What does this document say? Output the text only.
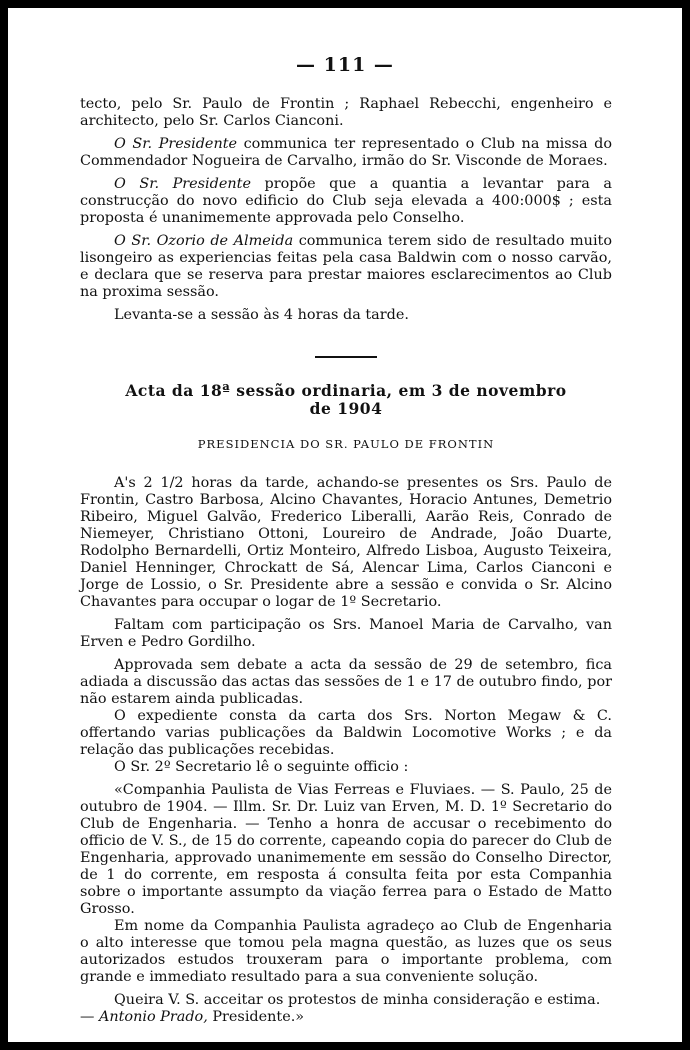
— 111 —

tecto, pelo Sr. Paulo de Frontin ; Raphael Rebecchi, engenheiro e architecto, pelo Sr. Carlos Cianconi.

O Sr. Presidente communica ter representado o Club na missa do Commendador Nogueira de Carvalho, irmão do Sr. Visconde de Moraes.

O Sr. Presidente propõe que a quantia a levantar para a construcção do novo edificio do Club seja elevada a 400:000$ ; esta proposta é unanimemente approvada pelo Conselho.

O Sr. Ozorio de Almeida communica terem sido de resultado muito lisongeiro as experiencias feitas pela casa Baldwin com o nosso carvão, e declara que se reserva para prestar maiores esclarecimentos ao Club na proxima sessão.

Levanta-se a sessão às 4 horas da tarde.

Acta da 18ª sessão ordinaria, em 3 de novembro
de 1904
PRESIDENCIA DO SR. PAULO DE FRONTIN

A's 2 1/2 horas da tarde, achando-se presentes os Srs. Paulo de Frontin, Castro Barbosa, Alcino Chavantes, Horacio Antunes, Demetrio Ribeiro, Miguel Galvão, Frederico Liberalli, Aarão Reis, Conrado de Niemeyer, Christiano Ottoni, Loureiro de Andrade, João Duarte, Rodolpho Bernardelli, Ortiz Monteiro, Alfredo Lisboa, Augusto Teixeira, Daniel Henninger, Chrockatt de Sá, Alencar Lima, Carlos Cianconi e Jorge de Lossio, o Sr. Presidente abre a sessão e convida o Sr. Alcino Chavantes para occupar o logar de 1º Secretario.

Faltam com participação os Srs. Manoel Maria de Carvalho, van Erven e Pedro Gordilho.

Approvada sem debate a acta da sessão de 29 de setembro, fica adiada a discussão das actas das sessões de 1 e 17 de outubro findo, por não estarem ainda publicadas.

O expediente consta da carta dos Srs. Norton Megaw & C. offertando varias publicações da Baldwin Locomotive Works ; e da relação das publicações recebidas.

O Sr. 2º Secretario lê o seguinte officio :

«Companhia Paulista de Vias Ferreas e Fluviaes. — S. Paulo, 25 de outubro de 1904. — Illm. Sr. Dr. Luiz van Erven, M. D. 1º Secretario do Club de Engenharia. — Tenho a honra de accusar o recebimento do officio de V. S., de 15 do corrente, capeando copia do parecer do Club de Engenharia, approvado unanimemente em sessão do Conselho Director, de 1 do corrente, em resposta á consulta feita por esta Companhia sobre o importante assumpto da viação ferrea para o Estado de Matto Grosso.

Em nome da Companhia Paulista agradeço ao Club de Engenharia o alto interesse que tomou pela magna questão, as luzes que os seus autorizados estudos trouxeram para o importante problema, com grande e immediato resultado para a sua conveniente solução.

Queira V. S. acceitar os protestos de minha consideração e estima.

— Antonio Prado, Presidente.»
